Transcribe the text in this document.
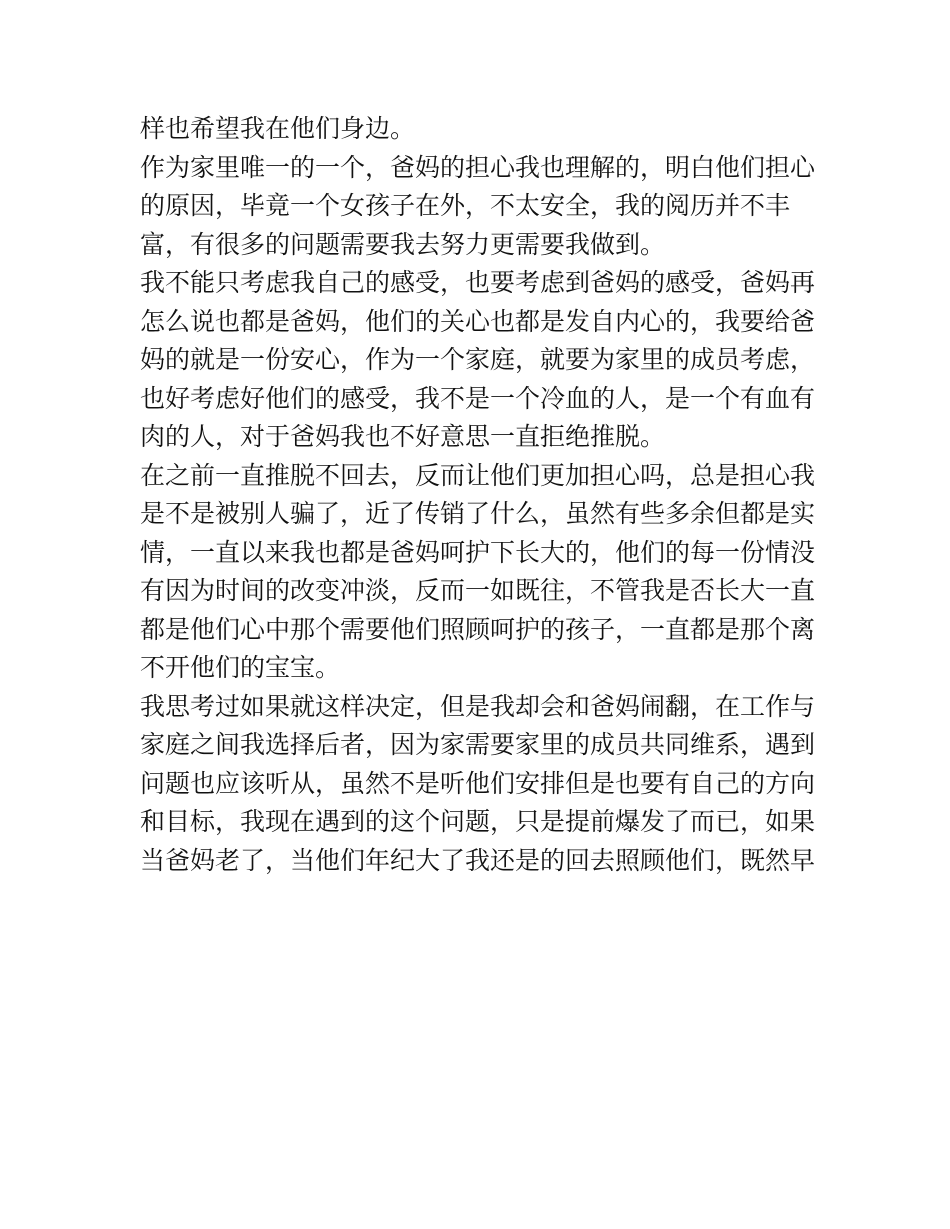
样也希望我在他们身边。
作为家里唯一的一个，爸妈的担心我也理解的，明白他们担心
的原因，毕竟一个女孩子在外，不太安全，我的阅历并不丰
富，有很多的问题需要我去努力更需要我做到。
我不能只考虑我自己的感受，也要考虑到爸妈的感受，爸妈再
怎么说也都是爸妈，他们的关心也都是发自内心的，我要给爸
妈的就是一份安心，作为一个家庭，就要为家里的成员考虑，
也好考虑好他们的感受，我不是一个冷血的人，是一个有血有
肉的人，对于爸妈我也不好意思一直拒绝推脱。
在之前一直推脱不回去，反而让他们更加担心吗，总是担心我
是不是被别人骗了，近了传销了什么，虽然有些多余但都是实
情，一直以来我也都是爸妈呵护下长大的，他们的每一份情没
有因为时间的改变冲淡，反而一如既往，不管我是否长大一直
都是他们心中那个需要他们照顾呵护的孩子，一直都是那个离
不开他们的宝宝。
我思考过如果就这样决定，但是我却会和爸妈闹翻，在工作与
家庭之间我选择后者，因为家需要家里的成员共同维系，遇到
问题也应该听从，虽然不是听他们安排但是也要有自己的方向
和目标，我现在遇到的这个问题，只是提前爆发了而已，如果
当爸妈老了，当他们年纪大了我还是的回去照顾他们，既然早
